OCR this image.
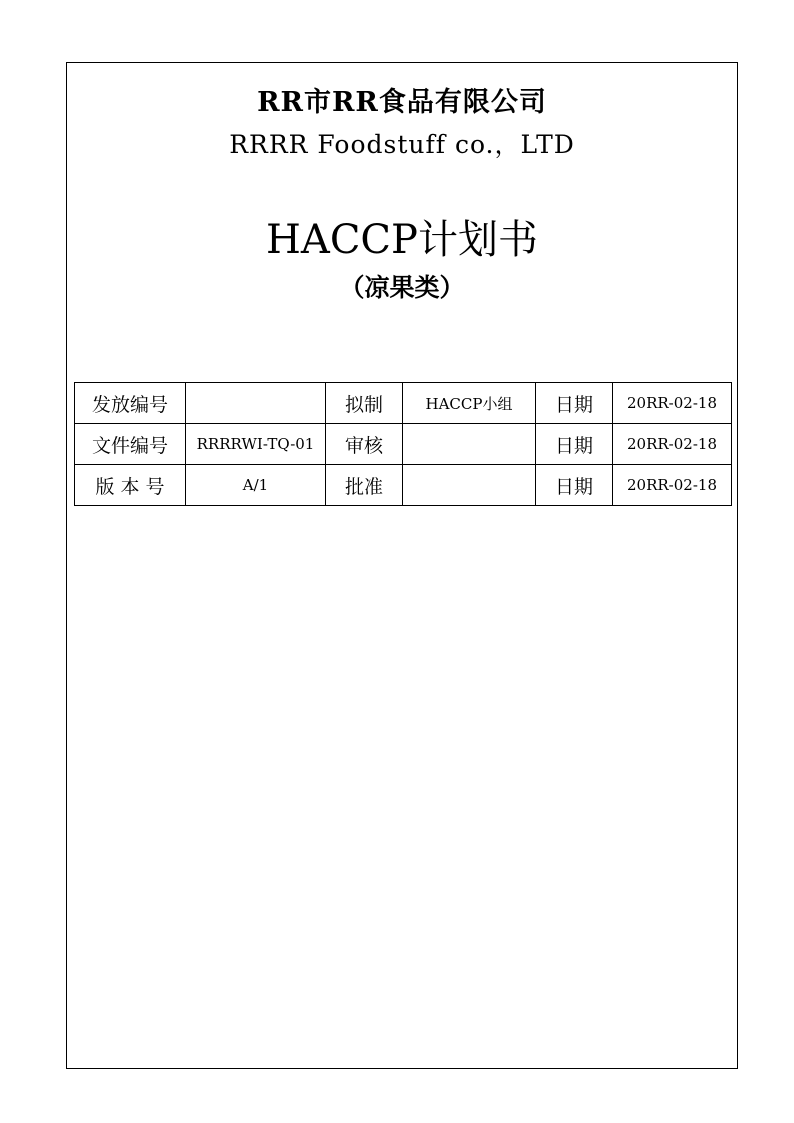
RR市RR食品有限公司
RRRR Foodstuff co.，LTD
HACCP计划书
（凉果类）
发放编号		拟制	HACCP小组	日期	20RR-02-18
文件编号	RRRRWI-TQ-01	审核		日期	20RR-02-18
版 本 号	A/1	批准		日期	20RR-02-18
